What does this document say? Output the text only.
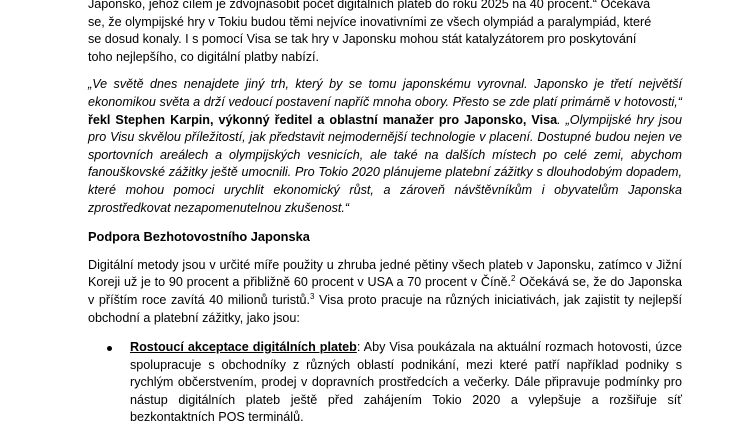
Japonsko, jehož cílem je zdvojnásobit počet digitálních plateb do roku 2025 na 40 procent.“ Očekává
se, že olympijské hry v Tokiu budou těmi nejvíce inovativními ze všech olympiád a paralympiád, které
se dosud konaly. I s pomocí Visa se tak hry v Japonsku mohou stát katalyzátorem pro poskytování
toho nejlepšího, co digitální platby nabízí.

„Ve světě dnes nenajdete jiný trh, který by se tomu japonskému vyrovnal. Japonsko je třetí největší ekonomikou světa a drží vedoucí postavení napříč mnoha obory. Přesto se zde platí primárně v hotovosti,“ řekl Stephen Karpin, výkonný ředitel a oblastní manažer pro Japonsko, Visa. „Olympijské hry jsou pro Visu skvělou příležitostí, jak představit nejmodernější technologie v placení. Dostupné budou nejen ve sportovních areálech a olympijských vesnicích, ale také na dalších místech po celé zemi, abychom fanouškovské zážitky ještě umocnili. Pro Tokio 2020 plánujeme platební zážitky s dlouhodobým dopadem, které mohou pomoci urychlit ekonomický růst, a zároveň návštěvníkům i obyvatelům Japonska zprostředkovat nezapomenutelnou zkušenost.“

Podpora Bezhotovostního Japonska

Digitální metody jsou v určité míře použity u zhruba jedné pětiny všech plateb v Japonsku, zatímco v Jižní Koreji už je to 90 procent a přibližně 60 procent v USA a 70 procent v Číně.$^2$ Očekává se, že do Japonska v příštím roce zavítá 40 milionů turistů.$^3$ Visa proto pracuje na různých iniciativách, jak zajistit ty nejlepší obchodní a platební zážitky, jako jsou:

Rostoucí akceptace digitálních plateb: Aby Visa poukázala na aktuální rozmach hotovosti, úzce spolupracuje s obchodníky z různých oblastí podnikání, mezi které patří například podniky s rychlým občerstvením, prodej v dopravních prostředcích a večerky. Dále připravuje podmínky pro nástup digitálních plateb ještě před zahájením Tokio 2020 a vylepšuje a rozšiřuje síť bezkontaktních POS terminálů.
